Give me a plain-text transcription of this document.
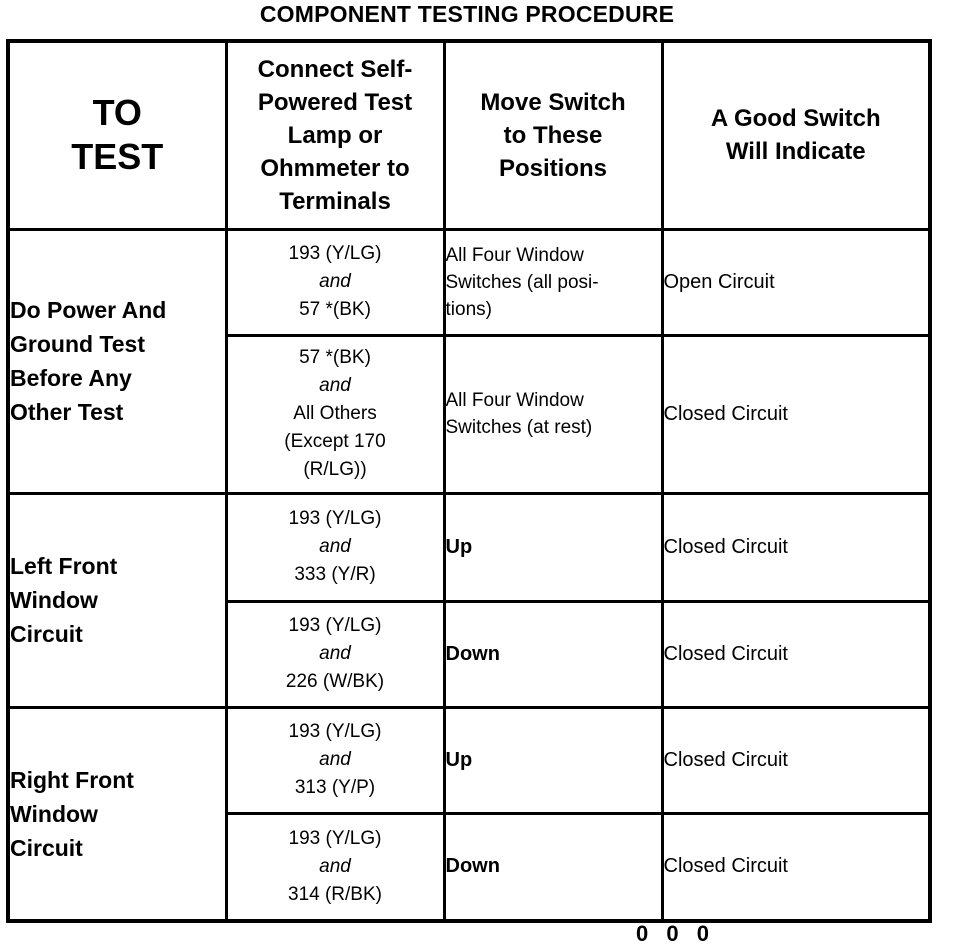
COMPONENT TESTING PROCEDURE
TO
TEST	Connect Self-
Powered Test
Lamp or
Ohmmeter to
Terminals	Move Switch
to These
Positions	A Good Switch
Will Indicate

Do Power And
Ground Test
Before Any
Other Test	193 (Y/LG)
and
57 *(BK)	All Four Window
Switches (all posi-
tions)	Open Circuit

	57 *(BK)
and
All Others
(Except 170
(R/LG))	All Four Window
Switches (at rest)	Closed Circuit

Left Front
Window
Circuit	193 (Y/LG)
and
333 (Y/R)	Up	Closed Circuit

	193 (Y/LG)
and
226 (W/BK)	Down	Closed Circuit

Right Front
Window
Circuit	193 (Y/LG)
and
313 (Y/P)	Up	Closed Circuit

	193 (Y/LG)
and
314 (R/BK)	Down	Closed Circuit
0 0 0
